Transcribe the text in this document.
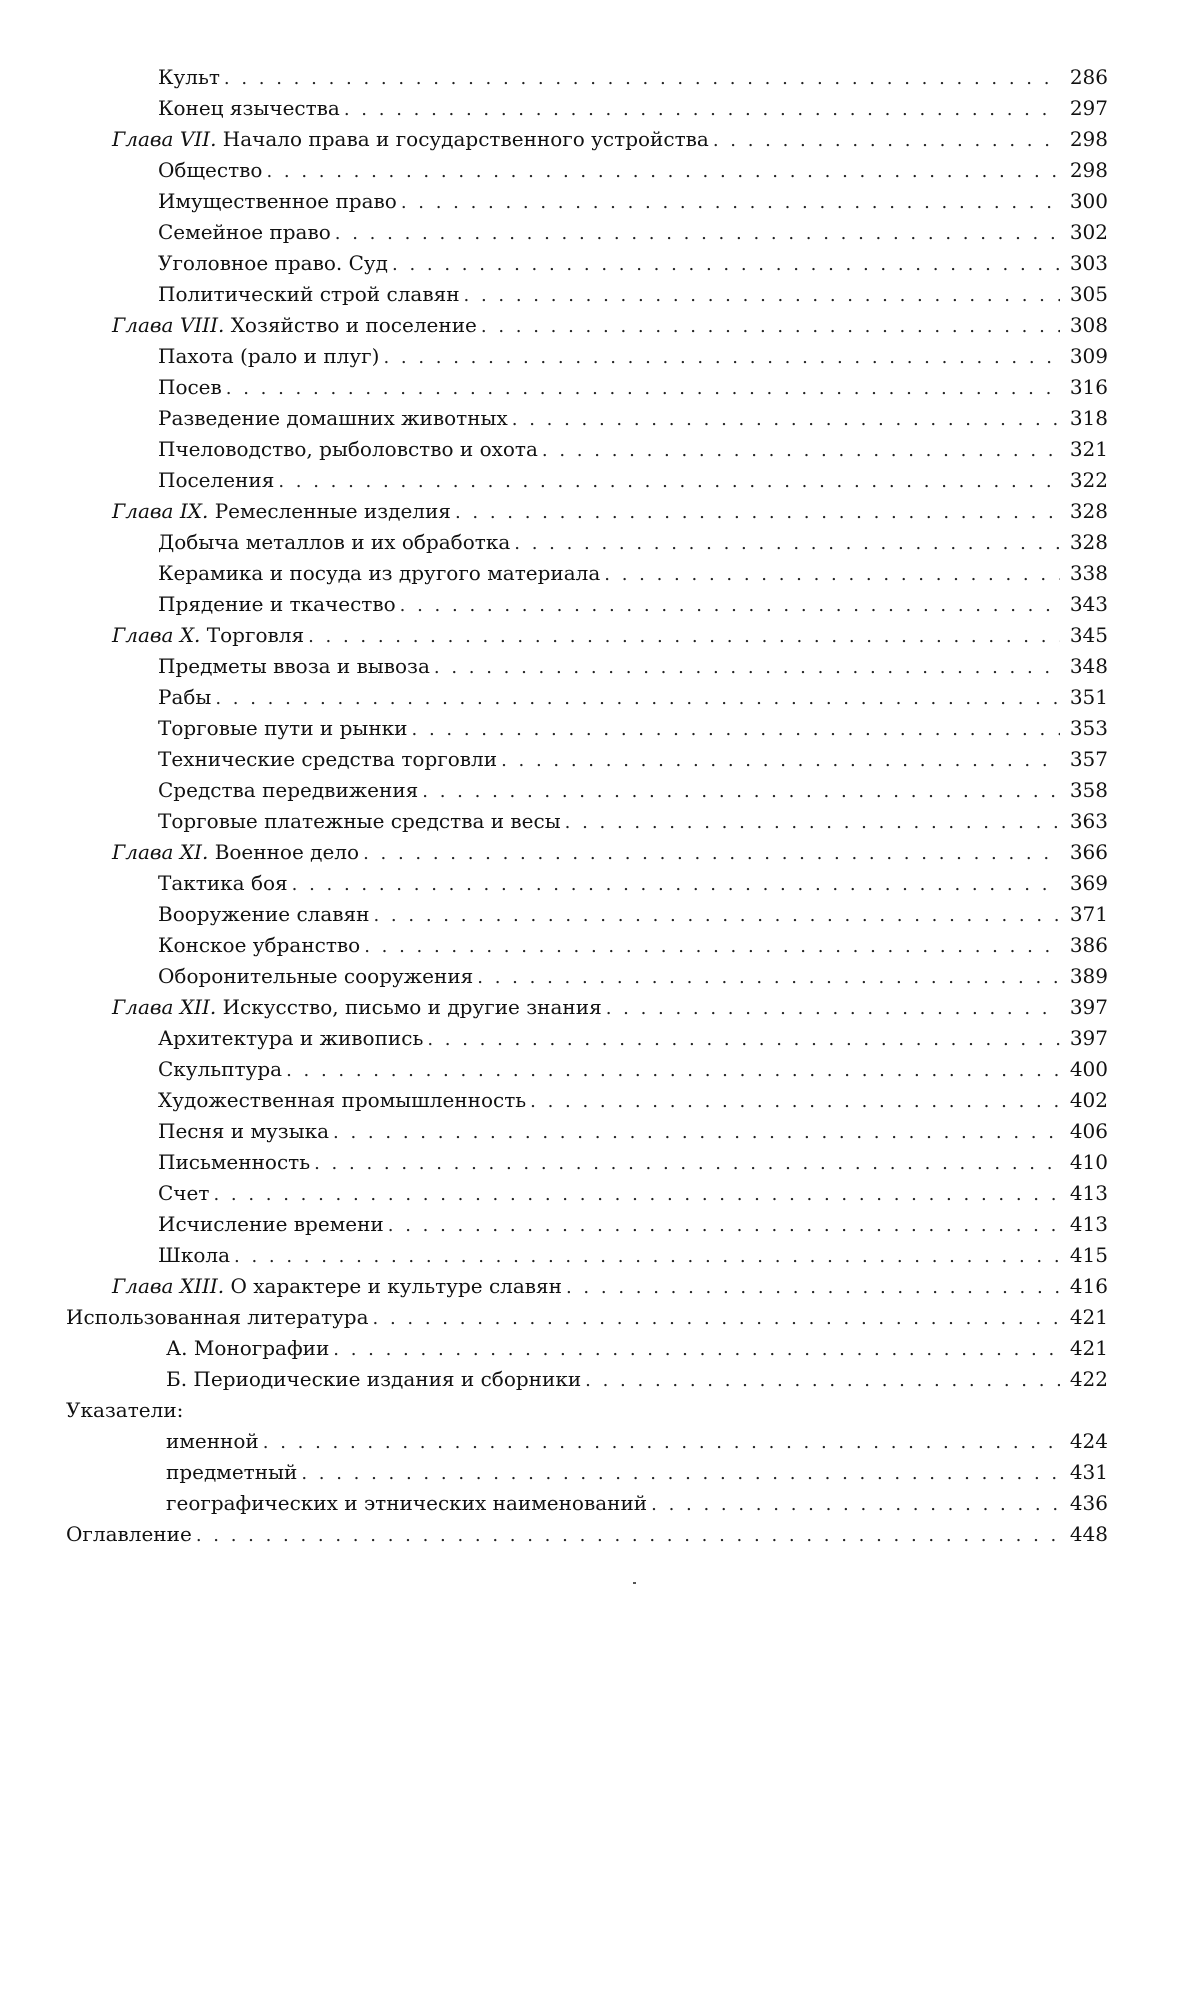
Культ . . .	286
Конец язычества . . .	297
Глава VII. Начало права и государственного устройства . . .	298
Общество . . .	298
Имущественное право . . .	300
Семейное право . . .	302
Уголовное право. Суд . . .	303
Политический строй славян . . .	305
Глава VIII. Хозяйство и поселение . . .	308
Пахота (рало и плуг) . . .	309
Посев . . .	316
Разведение домашних животных . . .	318
Пчеловодство, рыболовство и охота . . .	321
Поселения . . .	322
Глава IX. Ремесленные изделия . . .	328
Добыча металлов и их обработка . . .	328
Керамика и посуда из другого материала . . .	338
Прядение и ткачество . . .	343
Глава X. Торговля . . .	345
Предметы ввоза и вывоза . . .	348
Рабы . . .	351
Торговые пути и рынки . . .	353
Технические средства торговли . . .	357
Средства передвижения . . .	358
Торговые платежные средства и весы . . .	363
Глава XI. Военное дело . . .	366
Тактика боя . . .	369
Вооружение славян . . .	371
Конское убранство . . .	386
Оборонительные сооружения . . .	389
Глава XII. Искусство, письмо и другие знания . . .	397
Архитектура и живопись . . .	397
Скульптура . . .	400
Художественная промышленность . . .	402
Песня и музыка . . .	406
Письменность . . .	410
Счет . . .	413
Исчисление времени . . .	413
Школа . . .	415
Глава XIII. О характере и культуре славян . . .	416
Использованная литература . . .	421
А. Монографии . . .	421
Б. Периодические издания и сборники . . .	422
Указатели:
именной . . .	424
предметный . . .	431
географических и этнических наименований . . .	436
Оглавление . . .	448
